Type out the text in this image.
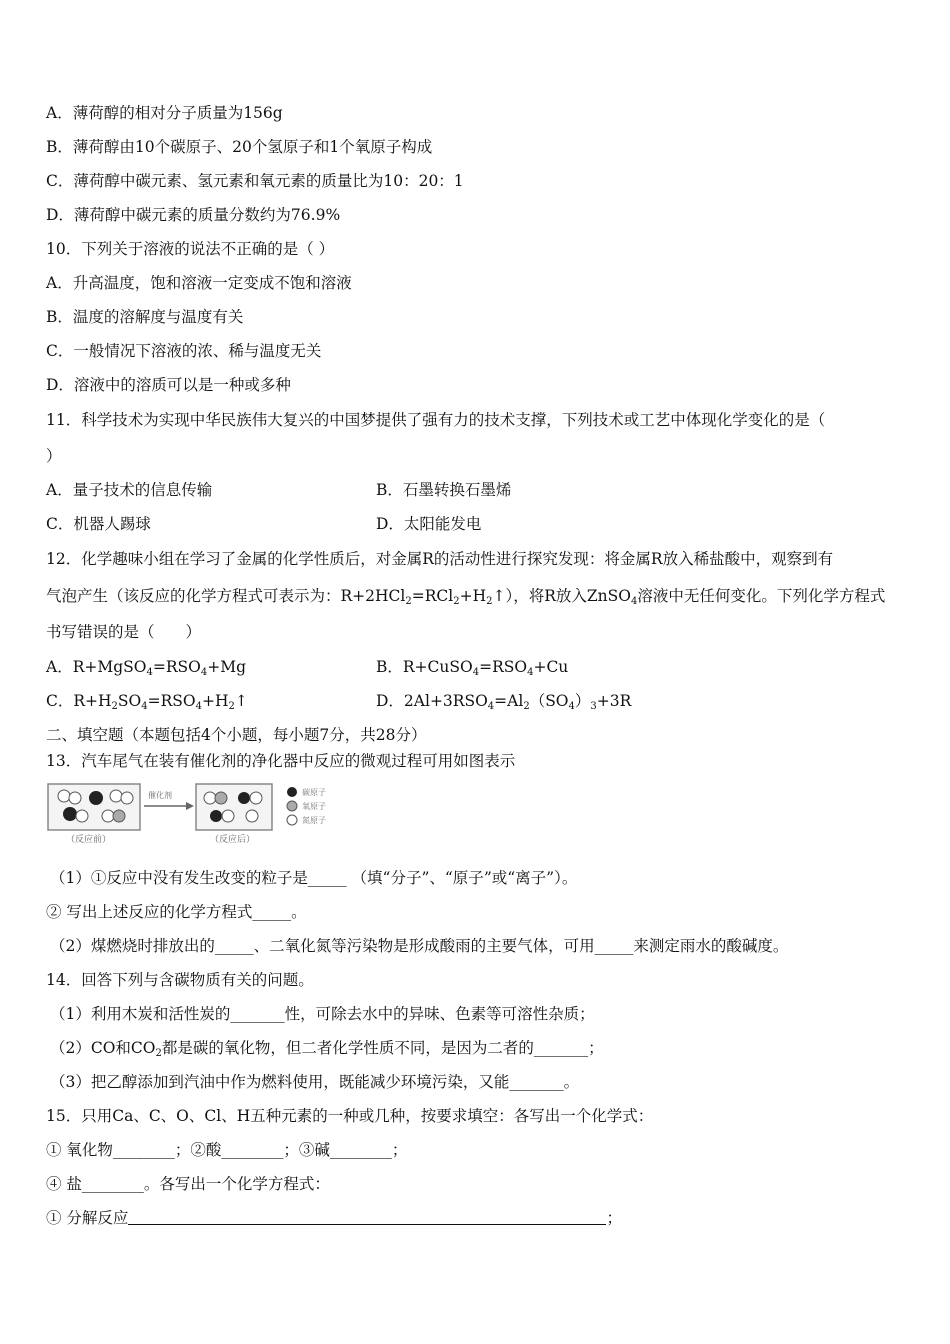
A．薄荷醇的相对分子质量为156g
B．薄荷醇由10个碳原子、20个氢原子和1个氧原子构成
C．薄荷醇中碳元素、氢元素和氧元素的质量比为10：20：1
D．薄荷醇中碳元素的质量分数约为76.9%
10．下列关于溶液的说法不正确的是（ ）
A．升高温度，饱和溶液一定变成不饱和溶液
B．温度的溶解度与温度有关
C．一般情况下溶液的浓、稀与温度无关
D．溶液中的溶质可以是一种或多种
11．科学技术为实现中华民族伟大复兴的中国梦提供了强有力的技术支撑，下列技术或工艺中体现化学变化的是（
）
A．量子技术的信息传输	B．石墨转换石墨烯
C．机器人踢球	D．太阳能发电
12．化学趣味小组在学习了金属的化学性质后，对金属R的活动性进行探究发现：将金属R放入稀盐酸中，观察到有
气泡产生（该反应的化学方程式可表示为：$R+2HCl_2=RCl_2+H_2↑$），将R放入ZnSO$_4$溶液中无任何变化。下列化学方程式
书写错误的是（　　）
A．$R+MgSO_4=RSO_4+Mg$	B．$R+CuSO_4=RSO_4+Cu$
C．$R+H_2SO_4=RSO_4+H_2↑$	D．$2Al+3RSO_4=Al_2(SO_4)_3+3R$
二、填空题（本题包括4个小题，每小题7分，共28分）
13．汽车尾气在装有催化剂的净化器中反应的微观过程可用如图表示
（反应前）
催化剂
（反应后）
碳原子
氧原子
氮原子
（1）①反应中没有发生改变的粒子是_____ （填“分子”、“原子”或“离子”）。
② 写出上述反应的化学方程式_____。
（2）煤燃烧时排放出的_____、二氧化氮等污染物是形成酸雨的主要气体，可用_____来测定雨水的酸碱度。
14．回答下列与含碳物质有关的问题。
（1）利用木炭和活性炭的_______性，可除去水中的异味、色素等可溶性杂质；
（2）CO和$CO_2$都是碳的氧化物，但二者化学性质不同，是因为二者的_______；
（3）把乙醇添加到汽油中作为燃料使用，既能减少环境污染，又能_______。
15．只用Ca、C、O、Cl、H五种元素的一种或几种，按要求填空：各写出一个化学式：
① 氧化物________；②酸________；③碱________；
④ 盐________。各写出一个化学方程式：
① 分解反应	；
